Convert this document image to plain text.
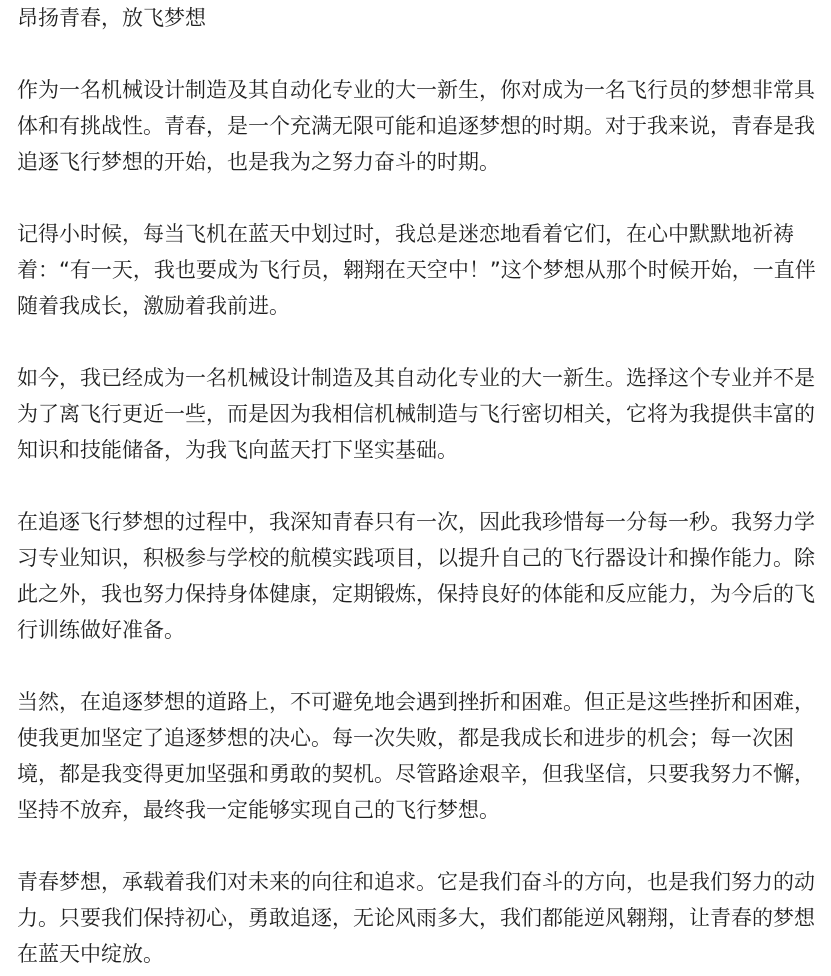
昂扬青春，放飞梦想

作为一名机械设计制造及其自动化专业的大一新生，你对成为一名飞行员的梦想非常具体和有挑战性。青春，是一个充满无限可能和追逐梦想的时期。对于我来说，青春是我追逐飞行梦想的开始，也是我为之努力奋斗的时期。

记得小时候，每当飞机在蓝天中划过时，我总是迷恋地看着它们，在心中默默地祈祷着：“有一天，我也要成为飞行员，翱翔在天空中！”这个梦想从那个时候开始，一直伴随着我成长，激励着我前进。

如今，我已经成为一名机械设计制造及其自动化专业的大一新生。选择这个专业并不是为了离飞行更近一些，而是因为我相信机械制造与飞行密切相关，它将为我提供丰富的知识和技能储备，为我飞向蓝天打下坚实基础。

在追逐飞行梦想的过程中，我深知青春只有一次，因此我珍惜每一分每一秒。我努力学习专业知识，积极参与学校的航模实践项目，以提升自己的飞行器设计和操作能力。除此之外，我也努力保持身体健康，定期锻炼，保持良好的体能和反应能力，为今后的飞行训练做好准备。

当然，在追逐梦想的道路上，不可避免地会遇到挫折和困难。但正是这些挫折和困难，使我更加坚定了追逐梦想的决心。每一次失败，都是我成长和进步的机会；每一次困境，都是我变得更加坚强和勇敢的契机。尽管路途艰辛，但我坚信，只要我努力不懈，坚持不放弃，最终我一定能够实现自己的飞行梦想。

青春梦想，承载着我们对未来的向往和追求。它是我们奋斗的方向，也是我们努力的动力。只要我们保持初心，勇敢追逐，无论风雨多大，我们都能逆风翱翔，让青春的梦想在蓝天中绽放。
